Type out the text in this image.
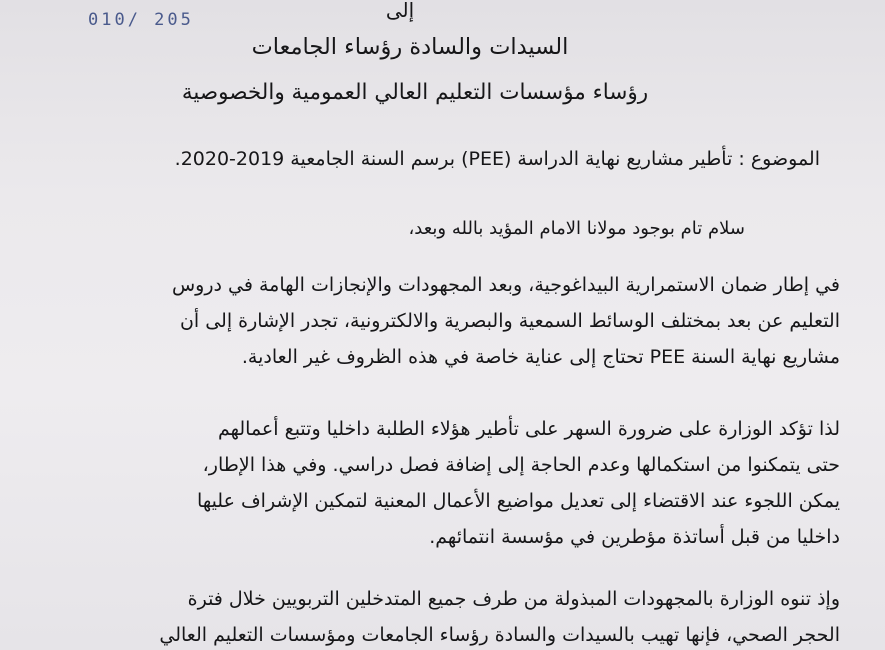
010/ 205	إلى
السيدات والسادة رؤساء الجامعات
رؤساء مؤسسات التعليم العالي العمومية والخصوصية
الموضوع : تأطير مشاريع نهاية الدراسة (PEE) برسم السنة الجامعية 2019-2020.
سلام تام بوجود مولانا الامام المؤيد بالله وبعد،
في إطار ضمان الاستمرارية البيداغوجية، وبعد المجهودات والإنجازات الهامة في دروس
التعليم عن بعد بمختلف الوسائط السمعية والبصرية والالكترونية، تجدر الإشارة إلى أن
مشاريع نهاية السنة PEE تحتاج إلى عناية خاصة في هذه الظروف غير العادية.
لذا تؤكد الوزارة على ضرورة السهر على تأطير هؤلاء الطلبة داخليا وتتبع أعمالهم
حتى يتمكنوا من استكمالها وعدم الحاجة إلى إضافة فصل دراسي. وفي هذا الإطار،
يمكن اللجوء عند الاقتضاء إلى تعديل مواضيع الأعمال المعنية لتمكين الإشراف عليها
داخليا من قبل أساتذة مؤطرين في مؤسسة انتمائهم.
وإذ تنوه الوزارة بالمجهودات المبذولة من طرف جميع المتدخلين التربويين خلال فترة
الحجر الصحي، فإنها تهيب بالسيدات والسادة رؤساء الجامعات ومؤسسات التعليم العالي
